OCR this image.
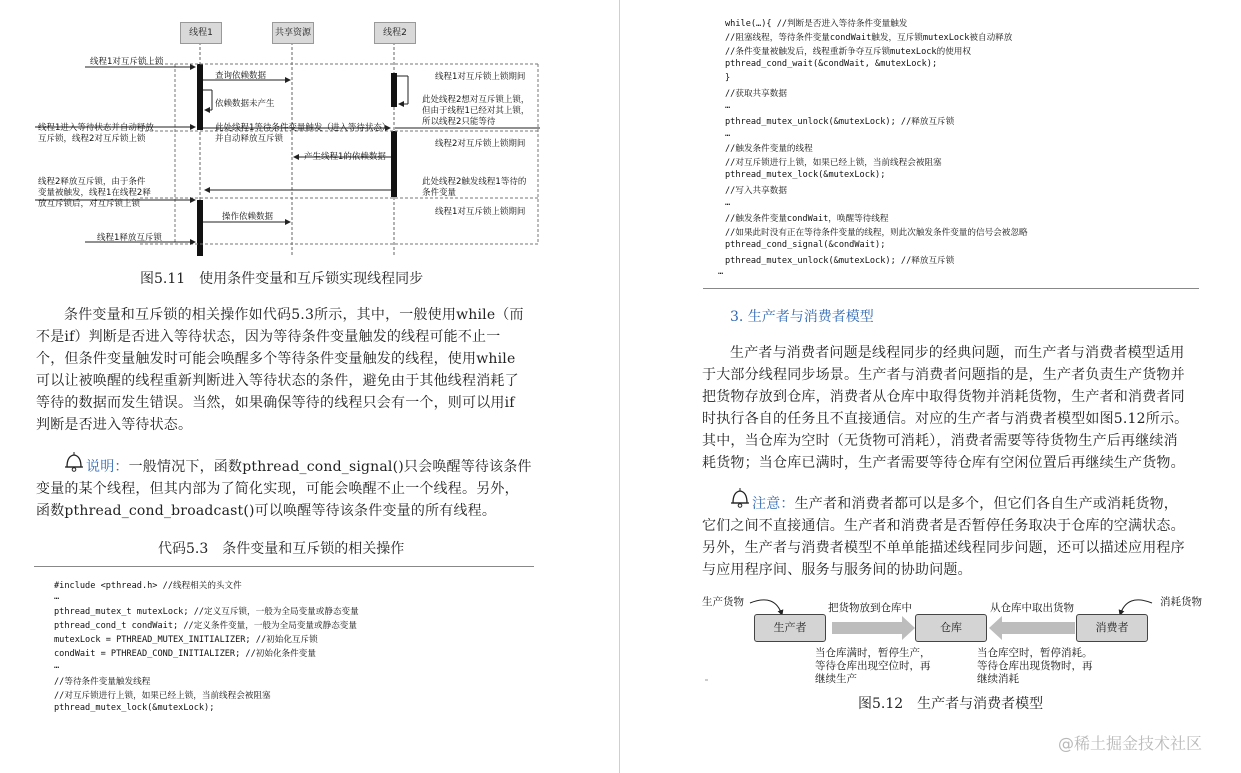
线程1	共享资源	线程2
线程1对互斥锁上锁
线程1进入等待状态并自动释放
互斥锁，线程2对互斥锁上锁
线程2释放互斥锁，由于条件
变量被触发，线程1在线程2释
放互斥锁后，对互斥锁上锁
线程1释放互斥锁
查询依赖数据
依赖数据未产生
此处线程1等待条件变量触发（进入等待状态）
并自动释放互斥锁
产生线程1的依赖数据
操作依赖数据
线程1对互斥锁上锁期间
此处线程2想对互斥锁上锁，
但由于线程1已经对其上锁，
所以线程2只能等待
线程2对互斥锁上锁期间
此处线程2触发线程1等待的
条件变量
线程1对互斥锁上锁期间
图5.11　使用条件变量和互斥锁实现线程同步
条件变量和互斥锁的相关操作如代码5.3所示，其中，一般使用while（而
不是if）判断是否进入等待状态，因为等待条件变量触发的线程可能不止一
个，但条件变量触发时可能会唤醒多个等待条件变量触发的线程，使用while
可以让被唤醒的线程重新判断进入等待状态的条件，避免由于其他线程消耗了
等待的数据而发生错误。当然，如果确保等待的线程只会有一个，则可以用if
判断是否进入等待状态。
说明：一般情况下，函数pthread_cond_signal()只会唤醒等待该条件
变量的某个线程，但其内部为了简化实现，可能会唤醒不止一个线程。另外，
函数pthread_cond_broadcast()可以唤醒等待该条件变量的所有线程。
代码5.3　条件变量和互斥锁的相关操作
#include <pthread.h> //线程相关的头文件
…
pthread_mutex_t mutexLock; //定义互斥锁，一般为全局变量或静态变量
pthread_cond_t condWait; //定义条件变量，一般为全局变量或静态变量
mutexLock = PTHREAD_MUTEX_INITIALIZER; //初始化互斥锁
condWait = PTHREAD_COND_INITIALIZER; //初始化条件变量
…
//等待条件变量触发线程
//对互斥锁进行上锁，如果已经上锁，当前线程会被阻塞
pthread_mutex_lock(&mutexLock);
while(…){ //判断是否进入等待条件变量触发
//阻塞线程，等待条件变量condWait触发，互斥锁mutexLock被自动释放
//条件变量被触发后，线程重新争夺互斥锁mutexLock的使用权
pthread_cond_wait(&condWait, &mutexLock);
}
//获取共享数据
…
pthread_mutex_unlock(&mutexLock); //释放互斥锁
…
//触发条件变量的线程
//对互斥锁进行上锁，如果已经上锁，当前线程会被阻塞
pthread_mutex_lock(&mutexLock);
//写入共享数据
…
//触发条件变量condWait，唤醒等待线程
//如果此时没有正在等待条件变量的线程，则此次触发条件变量的信号会被忽略
pthread_cond_signal(&condWait);
pthread_mutex_unlock(&mutexLock); //释放互斥锁
…
3. 生产者与消费者模型
生产者与消费者问题是线程同步的经典问题，而生产者与消费者模型适用
于大部分线程同步场景。生产者与消费者问题指的是，生产者负责生产货物并
把货物存放到仓库，消费者从仓库中取得货物并消耗货物，生产者和消费者同
时执行各自的任务且不直接通信。对应的生产者与消费者模型如图5.12所示。
其中，当仓库为空时（无货物可消耗），消费者需要等待货物生产后再继续消
耗货物；当仓库已满时，生产者需要等待仓库有空闲位置后再继续生产货物。
注意：生产者和消费者都可以是多个，但它们各自生产或消耗货物，
它们之间不直接通信。生产者和消费者是否暂停任务取决于仓库的空满状态。
另外，生产者与消费者模型不单单能描述线程同步问题，还可以描述应用程序
与应用程序间、服务与服务间的协助问题。
生产者	仓库	消费者
生产货物	消耗货物
把货物放到仓库中	从仓库中取出货物
当仓库满时，暂停生产，
等待仓库出现空位时，再
继续生产
当仓库空时，暂停消耗。
等待仓库出现货物时，再
继续消耗
图5.12　生产者与消费者模型
@稀土掘金技术社区
